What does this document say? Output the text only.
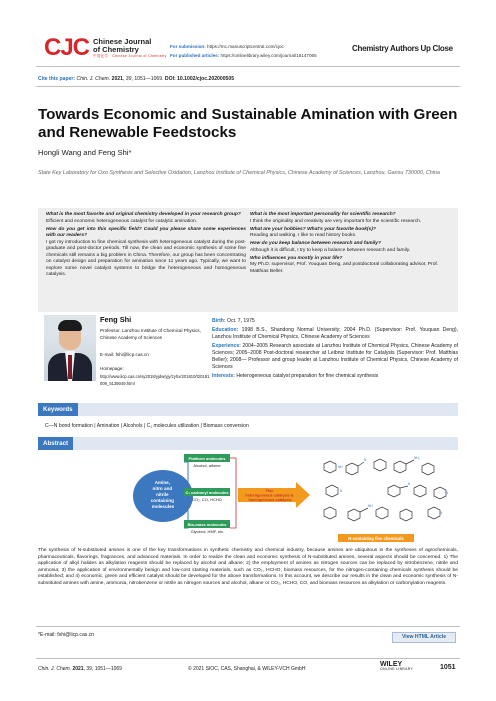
CJC Chinese Journal
of Chemistry
中国化学 · Chinese Journal of Chemistry
For submission: https://mc.manuscriptcentral.com/cjoc
For published articles: https://onlinelibrary.wiley.com/journal/16147065
Chemistry Authors Up Close
Cite this paper: Chin. J. Chem. 2021, 39, 1051—1069. DOI: 10.1002/cjoc.202000505
Towards Economic and Sustainable Amination with Green and Renewable Feedstocks
Hongli Wang and Feng Shi*
State Key Laboratory for Oxo Synthesis and Selective Oxidation, Lanzhou Institute of Chemical Physics, Chinese Academy of Sciences, Lanzhou, Gansu 730000, China
What is the most favorite and original chemistry developed in your research group?
Efficient and economic heterogeneous catalyst for catalytic amination.
How do you get into this specific field? Could you please share some experiences with our readers?
I got my introduction to fine chemical synthesis with heterogeneous catalyst during the post-graduate and post-doctor periods. Till now, the clean and economic synthesis of some fine chemicals still remains a big problem in China. Therefore, our group has been concentrating on catalyst design and preparation for amination since 11 years ago. Typically, we want to explore some novel catalyst systems to bridge the heterogeneous and homogeneous catalysis.
What is the most important personality for scientific research?
I think the originality and creativity are very important for the scientific research.
What are your hobbies? What's your favorite book(s)?
Reading and walking. I like to read history books.
How do you keep balance between research and family?
Although it is difficult, I try to keep a balance between research and family.
Who influences you mostly in your life?
My Ph.D. supervisor, Prof. Youquan Deng, and postdoctoral collaborating advisor, Prof. Matthias Beller.
Feng Shi
Professor, Lanzhou Institute of Chemical Physics, Chinese Academy of Sciences
E-mail: fshi@licp.cas.cn
Homepage:
http://www.licp.cas.cn/sy2018/yjdw/yjy/zyhx/201810/t20181009_5139049.html
Birth: Oct. 7, 1975
Education: 1998 B.S., Shandong Normal University; 2004 Ph.D. (Supervisor: Prof. Youquan Deng), Lanzhou Institute of Chemical Physics, Chinese Academy of Sciences
Experience: 2004–2005 Research associate at Lanzhou Institute of Chemical Physics, Chinese Academy of Sciences; 2005–2008 Post-doctoral researcher at Leibniz Institute for Catalysis (Supervisor: Prof. Matthias Beller); 2008— Professor and group leader at Lanzhou Institute of Chemical Physics, Chinese Academy of Sciences
Interests: Heterogeneous catalyst preparation for fine chemical synthesis
Keywords
C—N bond formation | Amination | Alcohols | C₁ molecules utilization | Biomass conversion
Abstract
Amine, nitro and nitrile containing molecules
Platform molecules
Alcohol, alkene
C₁ carbonyl molecules
CO₂, CO, HCHO
Bio-mass molecules
Glycerol, HMF, etc
Fine heterogeneous catalysis & homogeneous catalysis
NH
N	NH₂
N
N
N
NH
N
N-containing fine chemicals
The synthesis of N-substituted amines is one of the key transformations in synthetic chemistry and chemical industry, because amines are ubiquitous in the syntheses of agrochemicals, pharmaceuticals, flavorings, fragrances, and advanced materials. In order to realize the clean and economic synthesis of N-substituted amines, several aspects should be concerned. 1) The application of alkyl halides as alkylation reagents should be replaced by alcohol and alkane; 2) the employment of amines as nitrogen sources can be replaced by nitrobenzene, nitrile and ammonia; 3) the application of environmentally benign and low-cost starting materials, such as CO₂, HCHO, biomass resources, for the nitrogen-containing chemicals synthesis should be established; and 4) economic, green and efficient catalyst should be developed for the above transformations. In this account, we describe our results in the clean and economic synthesis of N-substituted amines with amine, ammonia, nitrobenzene or nitrile as nitrogen sources and alcohol, alkane or CO₂, HCHO, CO, and biomass resources as alkylation or carbonylation reagents.
*E-mail: fshi@licp.cas.cn	View HTML Article
Chin. J. Chem. 2021, 39, 1051—1069	© 2021 SIOC, CAS, Shanghai, & WILEY-VCH GmbH
WILEY
ONLINE LIBRARY	1051
